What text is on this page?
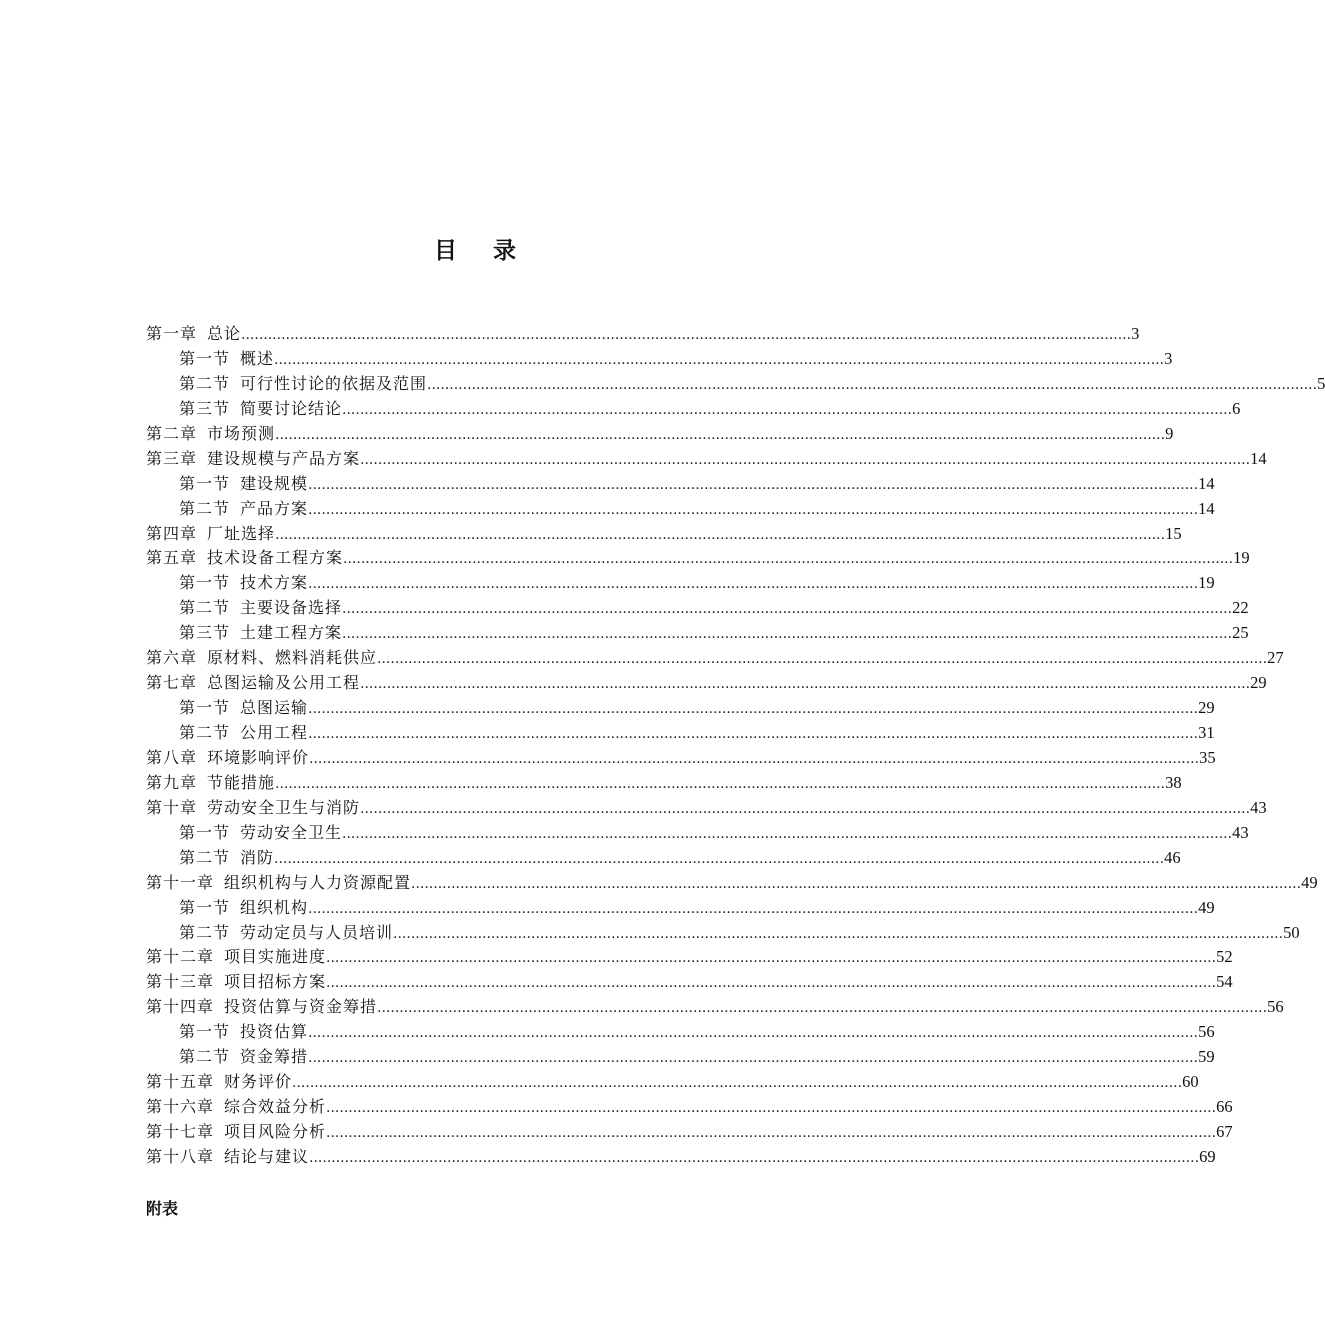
目 录
第一章 总论 ........................................................................................................................................................................................................ 3
第一节 概述 ........................................................................................................................................................................................................ 3
第二节 可行性讨论的依据及范围 ........................................................................................................................................................................................................ 5
第三节 简要讨论结论 ........................................................................................................................................................................................................ 6
第二章 市场预测 ........................................................................................................................................................................................................ 9
第三章 建设规模与产品方案 ........................................................................................................................................................................................................ 14
第一节 建设规模 ........................................................................................................................................................................................................ 14
第二节 产品方案 ........................................................................................................................................................................................................ 14
第四章 厂址选择 ........................................................................................................................................................................................................ 15
第五章 技术设备工程方案 ........................................................................................................................................................................................................ 19
第一节 技术方案 ........................................................................................................................................................................................................ 19
第二节 主要设备选择 ........................................................................................................................................................................................................ 22
第三节 土建工程方案 ........................................................................................................................................................................................................ 25
第六章 原材料、燃料消耗供应 ........................................................................................................................................................................................................ 27
第七章 总图运输及公用工程 ........................................................................................................................................................................................................ 29
第一节 总图运输 ........................................................................................................................................................................................................ 29
第二节 公用工程 ........................................................................................................................................................................................................ 31
第八章 环境影响评价 ........................................................................................................................................................................................................ 35
第九章 节能措施 ........................................................................................................................................................................................................ 38
第十章 劳动安全卫生与消防 ........................................................................................................................................................................................................ 43
第一节 劳动安全卫生 ........................................................................................................................................................................................................ 43
第二节 消防 ........................................................................................................................................................................................................ 46
第十一章 组织机构与人力资源配置 ........................................................................................................................................................................................................ 49
第一节 组织机构 ........................................................................................................................................................................................................ 49
第二节 劳动定员与人员培训 ........................................................................................................................................................................................................ 50
第十二章 项目实施进度 ........................................................................................................................................................................................................ 52
第十三章 项目招标方案 ........................................................................................................................................................................................................ 54
第十四章 投资估算与资金筹措 ........................................................................................................................................................................................................ 56
第一节 投资估算 ........................................................................................................................................................................................................ 56
第二节 资金筹措 ........................................................................................................................................................................................................ 59
第十五章 财务评价 ........................................................................................................................................................................................................ 60
第十六章 综合效益分析 ........................................................................................................................................................................................................ 66
第十七章 项目风险分析 ........................................................................................................................................................................................................ 67
第十八章 结论与建议 ........................................................................................................................................................................................................ 69

附表
